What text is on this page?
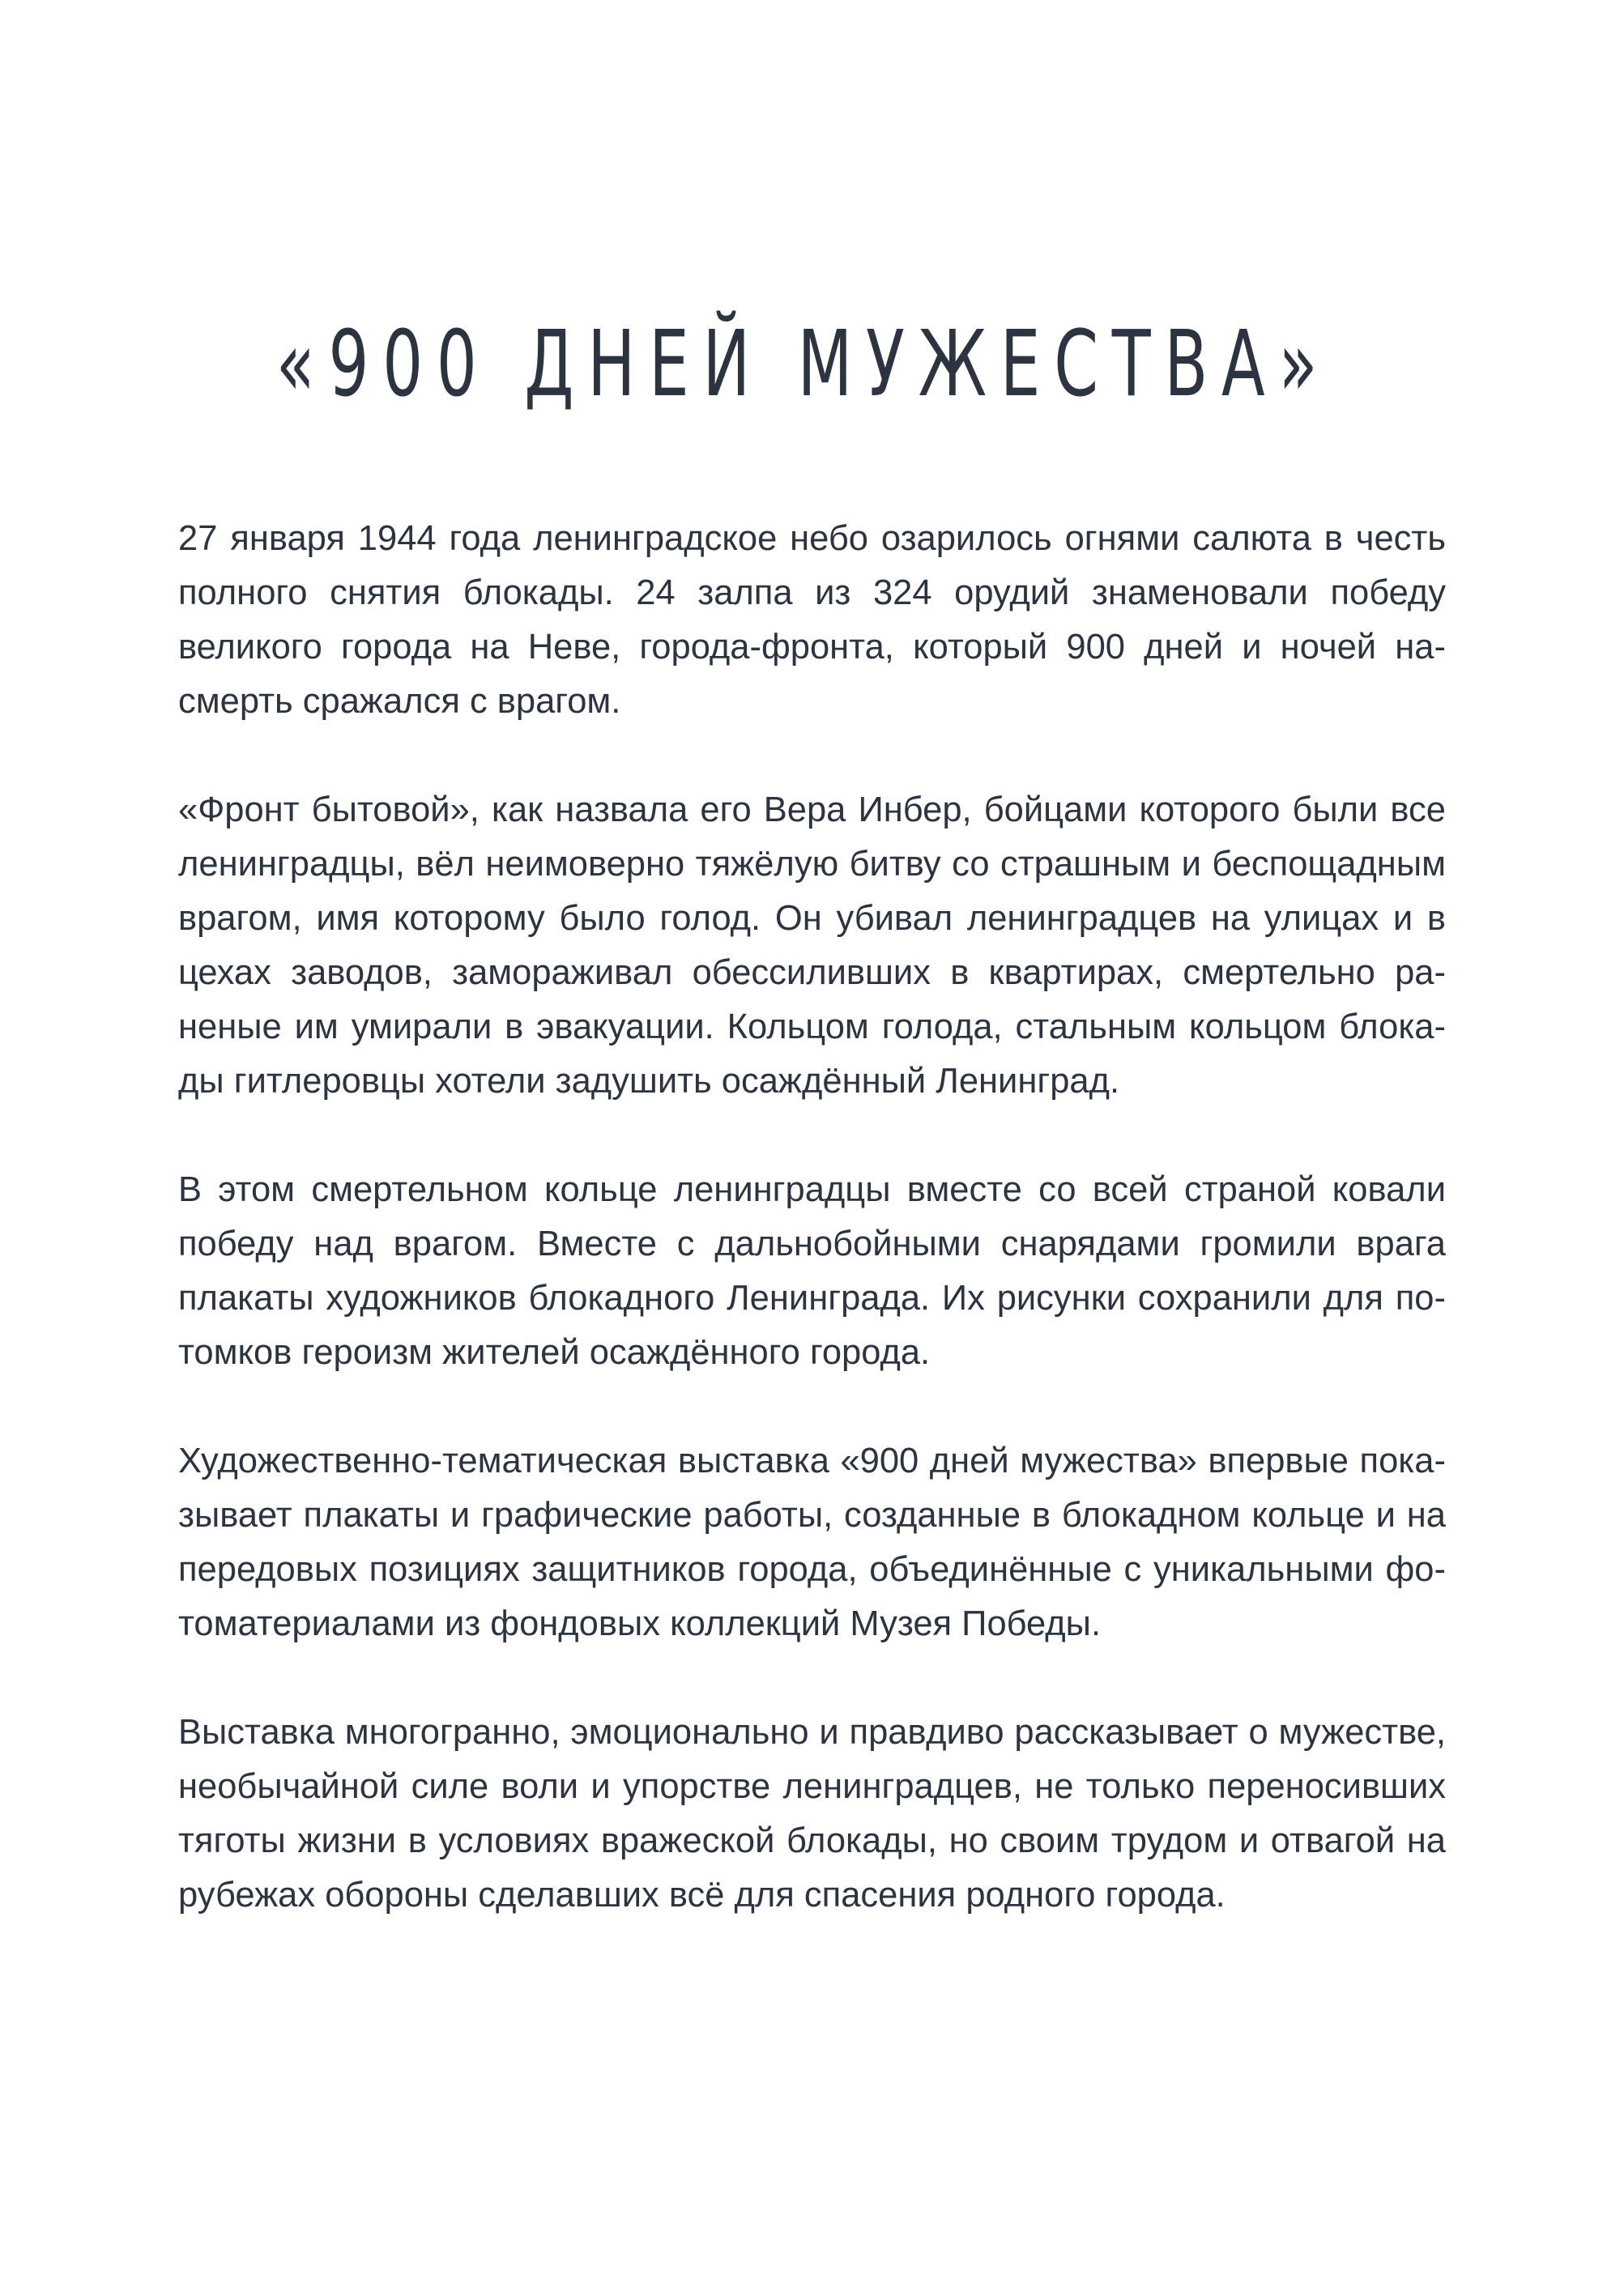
«900 ДНЕЙ МУЖЕСТВА»

27 января 1944 года ленинградское небо озарилось огнями салюта в честь полного снятия блокады. 24 залпа из 324 орудий знаменовали победу великого города на Неве, города-фронта, который 900 дней и ночей насмерть сражался с врагом.

«Фронт бытовой», как назвала его Вера Инбер, бойцами которого были все ленинградцы, вёл неимоверно тяжёлую битву со страшным и беспощадным врагом, имя которому было голод. Он убивал ленинградцев на улицах и в цехах заводов, замораживал обессиливших в квартирах, смертельно раненые им умирали в эвакуации. Кольцом голода, стальным кольцом блокады гитлеровцы хотели задушить осаждённый Ленинград.

В этом смертельном кольце ленинградцы вместе со всей страной ковали победу над врагом. Вместе с дальнобойными снарядами громили врага плакаты художников блокадного Ленинграда. Их рисунки сохранили для потомков героизм жителей осаждённого города.

Художественно-тематическая выставка «900 дней мужества» впервые показывает плакаты и графические работы, созданные в блокадном кольце и на передовых позициях защитников города, объединённые с уникальными фотоматериалами из фондовых коллекций Музея Победы.

Выставка многогранно, эмоционально и правдиво рассказывает о мужестве, необычайной силе воли и упорстве ленинградцев, не только переносивших тяготы жизни в условиях вражеской блокады, но своим трудом и отвагой на рубежах обороны сделавших всё для спасения родного города.
